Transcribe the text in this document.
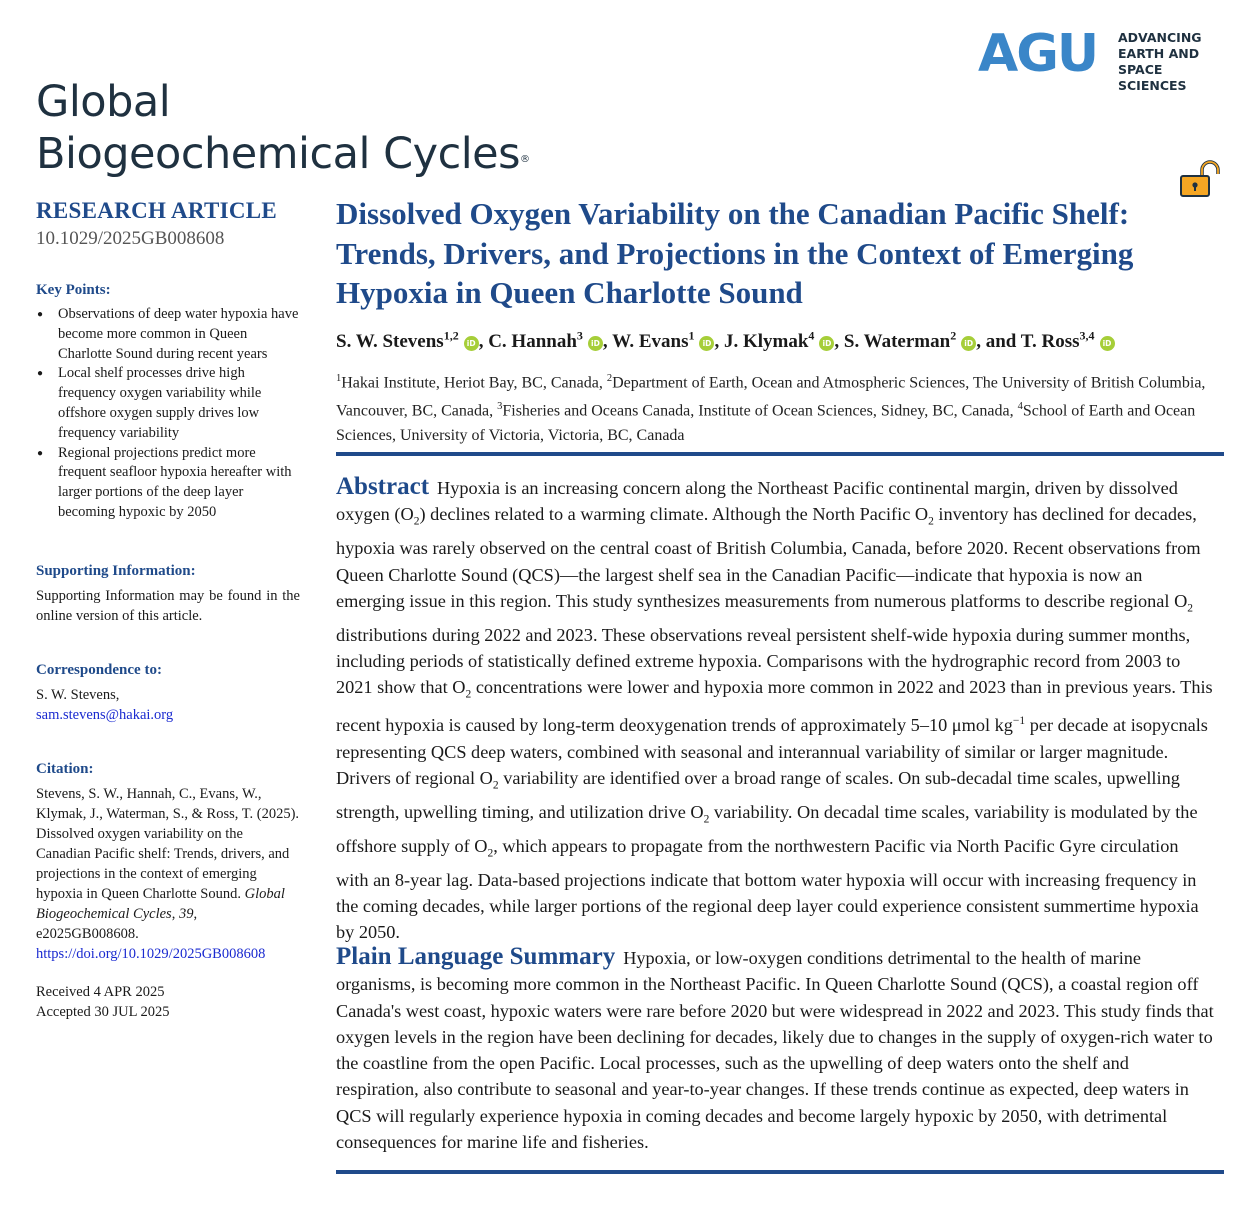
Global
Biogeochemical Cycles®
AGU ADVANCING
EARTH AND
SPACE SCIENCES
RESEARCH ARTICLE
10.1029/2025GB008608
Key Points:
● Observations of deep water hypoxia have become more common in Queen Charlotte Sound during recent years
● Local shelf processes drive high frequency oxygen variability while offshore oxygen supply drives low frequency variability
● Regional projections predict more frequent seafloor hypoxia hereafter with larger portions of the deep layer becoming hypoxic by 2050
Supporting Information:

Supporting Information may be found in the online version of this article.

Correspondence to:

S. W. Stevens,
sam.stevens@hakai.org

Citation:

Stevens, S. W., Hannah, C., Evans, W., Klymak, J., Waterman, S., & Ross, T. (2025). Dissolved oxygen variability on the Canadian Pacific shelf: Trends, drivers, and projections in the context of emerging hypoxia in Queen Charlotte Sound. Global Biogeochemical Cycles, 39, e2025GB008608. https://doi.org/10.1029/2025GB008608

Received 4 APR 2025

Accepted 30 JUL 2025

Dissolved Oxygen Variability on the Canadian Pacific Shelf: Trends, Drivers, and Projections in the Context of Emerging Hypoxia in Queen Charlotte Sound
S. W. Stevens$^{1,2}$iD , C. Hannah$^3$iD , W. Evans$^1$iD , J. Klymak$^4$iD , S. Waterman$^2$iD , and T. Ross$^{3,4}$iD
$^1$Hakai Institute, Heriot Bay, BC, Canada, $^2$Department of Earth, Ocean and Atmospheric Sciences, The University of British Columbia, Vancouver, BC, Canada, $^3$Fisheries and Oceans Canada, Institute of Ocean Sciences, Sidney, BC, Canada, $^4$School of Earth and Ocean Sciences, University of Victoria, Victoria, BC, Canada
Abstract Hypoxia is an increasing concern along the Northeast Pacific continental margin, driven by dissolved oxygen $(O_2)$ declines related to a warming climate. Although the North Pacific $O_2$ inventory has declined for decades, hypoxia was rarely observed on the central coast of British Columbia, Canada, before 2020. Recent observations from Queen Charlotte Sound (QCS)—the largest shelf sea in the Canadian Pacific—indicate that hypoxia is now an emerging issue in this region. This study synthesizes measurements from numerous platforms to describe regional $O_2$ distributions during 2022 and 2023. These observations reveal persistent shelf-wide hypoxia during summer months, including periods of statistically defined extreme hypoxia. Comparisons with the hydrographic record from 2003 to 2021 show that $O_2$ concentrations were lower and hypoxia more common in 2022 and 2023 than in previous years. This recent hypoxia is caused by long-term deoxygenation trends of approximately 5–10 μmol $kg^{-1}$ per decade at isopycnals representing QCS deep waters, combined with seasonal and interannual variability of similar or larger magnitude. Drivers of regional $O_2$ variability are identified over a broad range of scales. On sub-decadal time scales, upwelling strength, upwelling timing, and utilization drive $O_2$ variability. On decadal time scales, variability is modulated by the offshore supply of $O_2$, which appears to propagate from the northwestern Pacific via North Pacific Gyre circulation with an 8-year lag. Data-based projections indicate that bottom water hypoxia will occur with increasing frequency in the coming decades, while larger portions of the regional deep layer could experience consistent summertime hypoxia by 2050.
Plain Language Summary Hypoxia, or low-oxygen conditions detrimental to the health of marine organisms, is becoming more common in the Northeast Pacific. In Queen Charlotte Sound (QCS), a coastal region off Canada's west coast, hypoxic waters were rare before 2020 but were widespread in 2022 and 2023. This study finds that oxygen levels in the region have been declining for decades, likely due to changes in the supply of oxygen-rich water to the coastline from the open Pacific. Local processes, such as the upwelling of deep waters onto the shelf and respiration, also contribute to seasonal and year-to-year changes. If these trends continue as expected, deep waters in QCS will regularly experience hypoxia in coming decades and become largely hypoxic by 2050, with detrimental consequences for marine life and fisheries.
